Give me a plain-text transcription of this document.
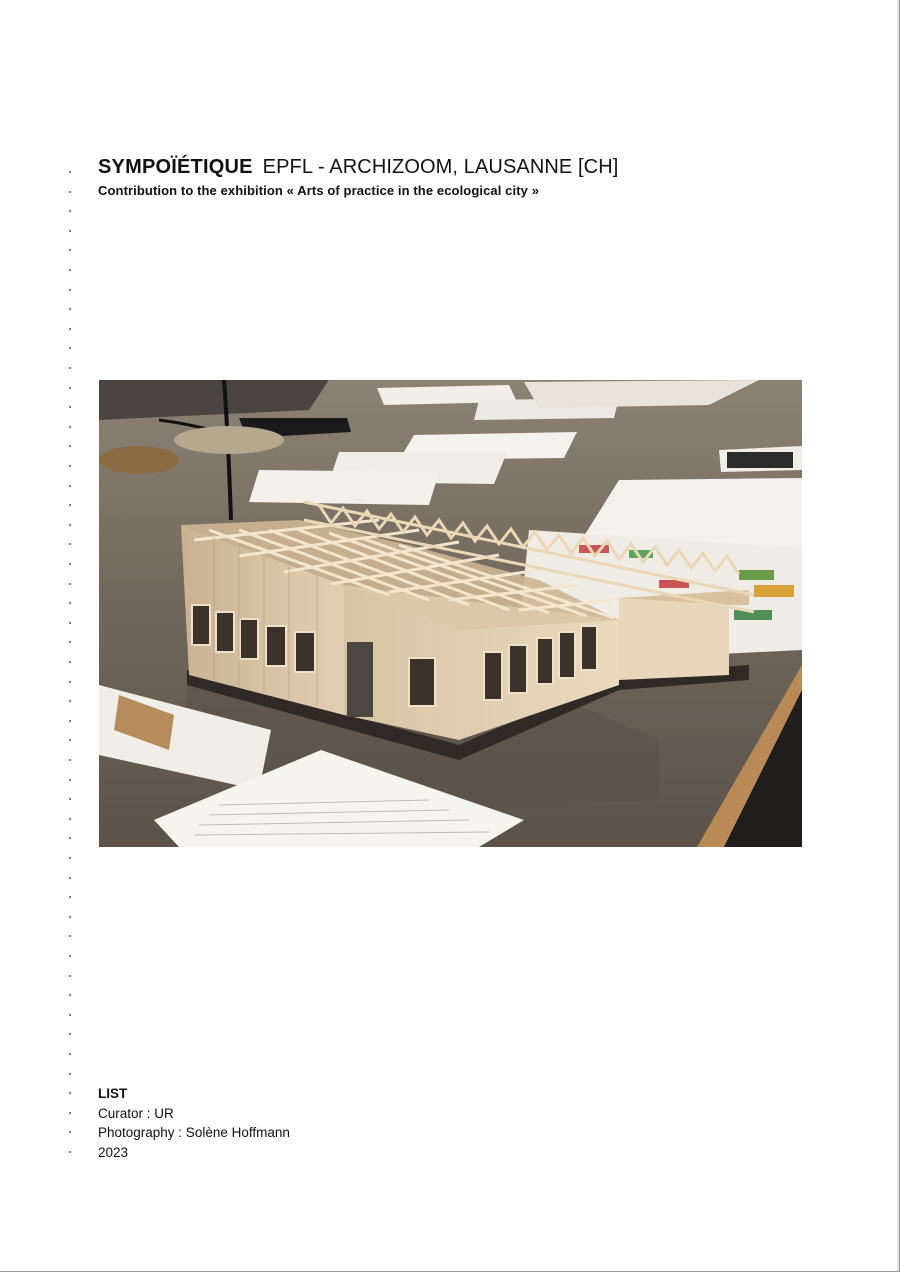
SYMPOÏÉTIQUE EPFL - ARCHIZOOM, LAUSANNE [CH]
Contribution to the exhibition « Arts of practice in the ecological city »
LIST
Curator : UR
Photography : Solène Hoffmann
2023
